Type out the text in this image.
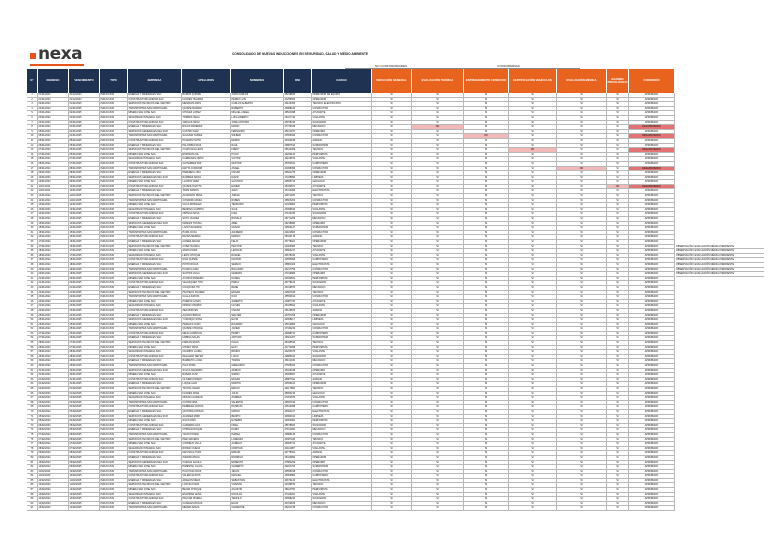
nexa	CONSOLIDADO DE NUEVAS INDUCCIONES EN SEGURIDAD, SALUD Y MEDIO AMBIENTE
NO CONFORMIDADES	CONFORMIDAD
N°	INGRESO	VENCIMIENTO	TIPO	EMPRESA	APELLIDOS	NOMBRES	DNI	CARGO	INDUCCIÓN GENERAL	EVALUACIÓN TEÓRICA	ENTRENAMIENTO CONDUCIR	CERTIFICACIÓN VEHÍCULOS	EVALUACIÓN MÉDICA	EXAMEN PSICOLÓGICO	CONDICIÓN
1	01/01/2024	31/12/2024	INDUCCIÓN	ENERGÍA Y MINERALES SAC	RAMOS QUISPE	JUAN CARLOS	45218833	OPERADOR DE EQUIPO	SÍ	SÍ	SÍ	SÍ	SÍ	SÍ	APROBADO
2	01/01/2024	31/12/2024	INDUCCIÓN	CONSTRUCTORA ANDINA SAC	FLORES HUAMÁN	PEDRO LUIS	41255902	OPERADOR	SÍ	SÍ	SÍ	SÍ	SÍ	SÍ	APROBADO
3	02/01/2024	01/01/2025	INDUCCIÓN	SERVICIOS TÉCNICOS DEL CENTRO	MENDOZA RÍOS	CARLOS ALBERTO	40123456	TÉCNICO ELECTRICISTA	SÍ	SÍ	SÍ	SÍ	SÍ	SÍ	APROBADO
4	02/01/2024	01/01/2025	INDUCCIÓN	TRANSPORTES SAN MARTÍN EIRL	QUISPE MAMANI	ROBERTO	43988120	CONDUCTOR	SÍ	SÍ	SÍ	SÍ	SÍ	SÍ	APROBADO
5	03/01/2024	02/01/2025	INDUCCIÓN	MINERA SAN JOSÉ SAC	CHÁVEZ LÓPEZ	MIGUEL ÁNGEL	46521098	AYUDANTE	SÍ	SÍ	SÍ	SÍ	SÍ	SÍ	APROBADO
6	03/01/2024	02/01/2025	INDUCCIÓN	SEGURIDAD INTEGRAL SAC	TORRES VEGA	LUIS ALBERTO	42017733	VIGILANTE	SÍ	SÍ	SÍ	SÍ	SÍ	SÍ	APROBADO
7	04/01/2024	03/01/2025	INDUCCIÓN	CONSTRUCTORA ANDINA SAC	VARGAS CRUZ	JOSÉ ANTONIO	44875210	SOLDADOR	SÍ	SÍ	SÍ	SÍ	SÍ	SÍ	APROBADO
8	04/01/2024	03/01/2025	INDUCCIÓN	ENERGÍA Y MINERALES SAC	ROJAS PAREDES	MARIO	47730019	MECÁNICO	SÍ	NO	SÍ	SÍ	SÍ	SÍ	DESAPROBADO
9	05/01/2024	04/01/2025	INDUCCIÓN	SERVICIOS GENERALES DEL SUR	CASTRO DÍAZ	FERNANDO	45101877	OPERARIO	SÍ	SÍ	SÍ	SÍ	SÍ	SÍ	APROBADO
10	05/01/2024	04/01/2025	INDUCCIÓN	TRANSPORTES SAN MARTÍN EIRL	SALAZAR NUÑEZ	WILBER	41556320	CONDUCTOR	SÍ	SÍ	NO	SÍ	SÍ	SÍ	DESAPROBADO
11	06/01/2024	05/01/2025	INDUCCIÓN	CONSTRUCTORA ANDINA SAC	HUAMANÍ SOTO	EDWIN	43320198	ALBAÑIL	SÍ	SÍ	SÍ	SÍ	SÍ	SÍ	APROBADO
12	06/01/2024	05/01/2025	INDUCCIÓN	ENERGÍA Y MINERALES SAC	PALOMINO RUIZ	RAÚL	40887612	SUPERVISOR	SÍ	SÍ	SÍ	SÍ	SÍ	SÍ	APROBADO
13	07/01/2024	06/01/2025	INDUCCIÓN	SERVICIOS TÉCNICOS DEL CENTRO	CCAHUANA LEÓN	FREDY	46612009	TÉCNICO	SÍ	SÍ	SÍ	NO	SÍ	SÍ	DESAPROBADO
14	07/01/2024	06/01/2025	INDUCCIÓN	MINERA SAN JOSÉ SAC	ESPINOZA GIL	HUGO	42290134	PERFORISTA	SÍ	SÍ	SÍ	SÍ	SÍ	SÍ	APROBADO
15	08/01/2024	07/01/2025	INDUCCIÓN	SEGURIDAD INTEGRAL SAC	CÁRDENAS ORTIZ	VÍCTOR	44109872	VIGILANTE	SÍ	SÍ	SÍ	SÍ	SÍ	SÍ	APROBADO
16	08/01/2024	07/01/2025	INDUCCIÓN	CONSTRUCTORA ANDINA SAC	GUTIÉRREZ PAZ	NÉSTOR	45780031	CARPINTERO	SÍ	SÍ	SÍ	SÍ	SÍ	SÍ	APROBADO
17	09/01/2024	08/01/2025	INDUCCIÓN	TRANSPORTES SAN MARTÍN EIRL	MAYTA CONDORI	ÁNGEL	41998456	CONDUCTOR	SÍ	SÍ	SÍ	SÍ	NO	SÍ	DESAPROBADO
18	09/01/2024	08/01/2025	INDUCCIÓN	ENERGÍA Y MINERALES SAC	PAREDES LUNA	OSCAR	43601275	OPERADOR	SÍ	SÍ	SÍ	SÍ	SÍ	SÍ	APROBADO
19	10/01/2024	09/01/2025	INDUCCIÓN	SERVICIOS GENERALES DEL SUR	RAMÍREZ ARIAS	DAVID	47225890	LIMPIEZA	SÍ	SÍ	SÍ	SÍ	SÍ	SÍ	APROBADO
20	10/01/2024	09/01/2025	INDUCCIÓN	MINERA SAN JOSÉ SAC	LLANOS VERA	GUSTAVO	40556712	GEÓLOGO	SÍ	SÍ	SÍ	SÍ	SÍ	SÍ	APROBADO
21	11/01/2024	10/01/2025	INDUCCIÓN	CONSTRUCTORA ANDINA SAC	QUISPE HUAYTA	ELMER	46330871	AYUDANTE	SÍ	SÍ	SÍ	SÍ	SÍ	NO	DESAPROBADO
22	11/01/2024	10/01/2025	INDUCCIÓN	ENERGÍA Y MINERALES SAC	TAIPE RAMOS	ALEX	44412093	ELECTRICISTA	SÍ	SÍ	SÍ	SÍ	SÍ	SÍ	APROBADO
23	12/01/2024	11/01/2025	INDUCCIÓN	SERVICIOS TÉCNICOS DEL CENTRO	ALVARADO PEÑA	JORGE	42871165	TÉCNICO	SÍ	SÍ	SÍ	SÍ	SÍ	SÍ	APROBADO
24	12/01/2024	11/01/2025	INDUCCIÓN	TRANSPORTES SAN MARTÍN EIRL	CONDORI APAZA	RUBÉN	45667203	CONDUCTOR	SÍ	SÍ	SÍ	SÍ	SÍ	SÍ	APROBADO
25	13/01/2024	12/01/2025	INDUCCIÓN	MINERA SAN JOSÉ SAC	VILCA MORALES	TEODORO	41320984	PERFORISTA	SÍ	SÍ	SÍ	SÍ	SÍ	SÍ	APROBADO
26	13/01/2024	12/01/2025	INDUCCIÓN	SEGURIDAD INTEGRAL SAC	BENITES CAMPOS	SAÚL	43099816	VIGILANTE	SÍ	SÍ	SÍ	SÍ	SÍ	SÍ	APROBADO
27	14/01/2024	13/01/2025	INDUCCIÓN	CONSTRUCTORA ANDINA SAC	ORTEGA SILVA	IVÁN	47102236	SOLDADOR	SÍ	SÍ	SÍ	SÍ	SÍ	SÍ	APROBADO
28	14/01/2024	13/01/2025	INDUCCIÓN	ENERGÍA Y MINERALES SAC	SOTO VALDEZ	RONALD	40771209	MECÁNICO	SÍ	SÍ	SÍ	SÍ	SÍ	SÍ	APROBADO
29	15/01/2024	14/01/2025	INDUCCIÓN	SERVICIOS GENERALES DEL SUR	MAMANI TICONA	ABEL	46218890	OPERARIO	SÍ	SÍ	SÍ	SÍ	SÍ	SÍ	APROBADO
30	15/01/2024	14/01/2025	INDUCCIÓN	MINERA SAN JOSÉ SAC	LAZO FIGUEROA	CÉSAR	44500127	SUPERVISOR	SÍ	SÍ	SÍ	SÍ	SÍ	SÍ	APROBADO
31	16/01/2024	15/01/2025	INDUCCIÓN	TRANSPORTES SAN MARTÍN EIRL	PUMA CCOA	ALFREDO	42119803	CONDUCTOR	SÍ	SÍ	SÍ	SÍ	SÍ	SÍ	APROBADO
32	16/01/2024	15/01/2025	INDUCCIÓN	CONSTRUCTORA ANDINA SAC	REYES MEDINA	MARCO	45332178	ALBAÑIL	SÍ	SÍ	SÍ	SÍ	SÍ	SÍ	APROBADO
33	17/01/2024	16/01/2025	INDUCCIÓN	ENERGÍA Y MINERALES SAC	GÓMEZ ARANA	FÉLIX	43778021	OPERADOR	SÍ	SÍ	SÍ	SÍ	SÍ	SÍ	APROBADO
34	17/01/2024	16/01/2025	INDUCCIÓN	SERVICIOS TÉCNICOS DEL CENTRO	CUBA HUARCA	HÉCTOR	41009384	TÉCNICO	SÍ	SÍ	SÍ	SÍ	SÍ	SÍ	APROBADO	OBSERVACIÓN: EVALUACIÓN MÉDICA PENDIENTE
35	18/01/2024	17/01/2025	INDUCCIÓN	MINERA SAN JOSÉ SAC	ARIAS POMA	LEONCIO	46902217	AYUDANTE	SÍ	SÍ	SÍ	SÍ	SÍ	SÍ	APROBADO	OBSERVACIÓN: EVALUACIÓN MÉDICA PENDIENTE
36	18/01/2024	17/01/2025	INDUCCIÓN	SEGURIDAD INTEGRAL SAC	LEÓN CHOQUE	RAFAEL	44678310	VIGILANTE	SÍ	SÍ	SÍ	SÍ	SÍ	SÍ	APROBADO	OBSERVACIÓN: EVALUACIÓN MÉDICA PENDIENTE
37	19/01/2024	18/01/2025	INDUCCIÓN	CONSTRUCTORA ANDINA SAC	NINA QUISPE	MAXIMO	42556098	CARPINTERO	SÍ	SÍ	SÍ	SÍ	SÍ	SÍ	APROBADO	OBSERVACIÓN: EVALUACIÓN MÉDICA PENDIENTE
38	19/01/2024	18/01/2025	INDUCCIÓN	ENERGÍA Y MINERALES SAC	PINTO ROJAS	SERGIO	45881023	ELECTRICISTA	SÍ	SÍ	SÍ	SÍ	SÍ	SÍ	APROBADO	OBSERVACIÓN: EVALUACIÓN MÉDICA PENDIENTE
39	20/01/2024	19/01/2025	INDUCCIÓN	TRANSPORTES SAN MARTÍN EIRL	HUANCA LIMA	ROLANDO	43217756	CONDUCTOR	SÍ	SÍ	SÍ	SÍ	SÍ	SÍ	APROBADO	OBSERVACIÓN: EVALUACIÓN MÉDICA PENDIENTE
40	20/01/2024	19/01/2025	INDUCCIÓN	SERVICIOS GENERALES DEL SUR	SANTOS ÁVILA	GERMÁN	47019982	OPERARIO	SÍ	SÍ	SÍ	SÍ	SÍ	SÍ	APROBADO	OBSERVACIÓN: EVALUACIÓN MÉDICA PENDIENTE
41	21/01/2024	20/01/2025	INDUCCIÓN	MINERA SAN JOSÉ SAC	ACOSTA ROMERO	DANIEL	40334561	PERFORISTA	SÍ	SÍ	SÍ	SÍ	SÍ	SÍ	APROBADO
42	21/01/2024	20/01/2025	INDUCCIÓN	CONSTRUCTORA ANDINA SAC	VELÁSQUEZ TITO	PABLO	46778123	SOLDADOR	SÍ	SÍ	SÍ	SÍ	SÍ	SÍ	APROBADO
43	22/01/2024	21/01/2025	INDUCCIÓN	ENERGÍA Y MINERALES SAC	COAQUIRA ITO	RENÉ	44019876	MECÁNICO	SÍ	SÍ	SÍ	SÍ	SÍ	SÍ	APROBADO
44	22/01/2024	21/01/2025	INDUCCIÓN	SERVICIOS TÉCNICOS DEL CENTRO	PACHECO SUÁREZ	EDGAR	42667015	TÉCNICO	SÍ	SÍ	SÍ	SÍ	SÍ	SÍ	APROBADO
45	23/01/2024	22/01/2025	INDUCCIÓN	TRANSPORTES SAN MARTÍN EIRL	CALLA ZAPATA	NILO	45550912	CONDUCTOR	SÍ	SÍ	SÍ	SÍ	SÍ	SÍ	APROBADO
46	23/01/2024	22/01/2025	INDUCCIÓN	MINERA SAN JOSÉ SAC	HUERTA CASAS	ALBERTO	41887730	AYUDANTE	SÍ	SÍ	SÍ	SÍ	SÍ	SÍ	APROBADO
47	24/01/2024	23/01/2025	INDUCCIÓN	SEGURIDAD INTEGRAL SAC	MORÁN OSORIO	ULISES	43345601	VIGILANTE	SÍ	SÍ	SÍ	SÍ	SÍ	SÍ	APROBADO
48	24/01/2024	23/01/2025	INDUCCIÓN	CONSTRUCTORA ANDINA SAC	ZEA MONTES	ÓSCAR	46129873	ALBAÑIL	SÍ	SÍ	SÍ	SÍ	SÍ	SÍ	APROBADO
49	25/01/2024	24/01/2025	INDUCCIÓN	ENERGÍA Y MINERALES SAC	AQUINO BRAVO	WALTER	44787209	OPERADOR	SÍ	SÍ	SÍ	SÍ	SÍ	SÍ	APROBADO
50	25/01/2024	24/01/2025	INDUCCIÓN	SERVICIOS GENERALES DEL SUR	YUPANQUI SOSA	ELVIS	42098117	LIMPIEZA	SÍ	SÍ	SÍ	SÍ	SÍ	SÍ	APROBADO
51	26/01/2024	25/01/2025	INDUCCIÓN	MINERA SAN JOSÉ SAC	PERALTA CANO	RICARDO	45012883	GEÓLOGO	SÍ	SÍ	SÍ	SÍ	SÍ	SÍ	APROBADO
52	26/01/2024	25/01/2025	INDUCCIÓN	TRANSPORTES SAN MARTÍN EIRL	QUISPE CHOQUE	JAVIER	47330219	CONDUCTOR	SÍ	SÍ	SÍ	SÍ	SÍ	SÍ	APROBADO
53	27/01/2024	26/01/2025	INDUCCIÓN	CONSTRUCTORA ANDINA SAC	MEJÍA CORDOVA	HENRY	40998731	CARPINTERO	SÍ	SÍ	SÍ	SÍ	SÍ	SÍ	APROBADO
54	27/01/2024	26/01/2025	INDUCCIÓN	ENERGÍA Y MINERALES SAC	URBINA SALAS	ARTURO	43661207	SUPERVISOR	SÍ	SÍ	SÍ	SÍ	SÍ	SÍ	APROBADO
55	28/01/2024	27/01/2025	INDUCCIÓN	SERVICIOS TÉCNICOS DEL CENTRO	FARFÁN RIVAS	ISAAC	46445510	TÉCNICO	SÍ	SÍ	SÍ	SÍ	SÍ	SÍ	APROBADO
56	28/01/2024	27/01/2025	INDUCCIÓN	MINERA SAN JOSÉ SAC	CHURA TAPIA	ELOY	41772098	PERFORISTA	SÍ	SÍ	SÍ	SÍ	SÍ	SÍ	APROBADO
57	29/01/2024	28/01/2025	INDUCCIÓN	SEGURIDAD INTEGRAL SAC	OCAMPO LAURA	BRUNO	44223675	VIGILANTE	SÍ	SÍ	SÍ	SÍ	SÍ	SÍ	APROBADO
58	29/01/2024	28/01/2025	INDUCCIÓN	CONSTRUCTORA ANDINA SAC	DELGADO NEYRA	LUCIO	42889014	SOLDADOR	SÍ	SÍ	SÍ	SÍ	SÍ	SÍ	APROBADO
59	30/01/2024	29/01/2025	INDUCCIÓN	ENERGÍA Y MINERALES SAC	BARRETO LUJÁN	TOMÁS	45101934	MECÁNICO	SÍ	SÍ	SÍ	SÍ	SÍ	SÍ	APROBADO
60	30/01/2024	29/01/2025	INDUCCIÓN	TRANSPORTES SAN MARTÍN EIRL	INCA PUMA	GREGORIO	47665023	CONDUCTOR	SÍ	SÍ	SÍ	SÍ	SÍ	SÍ	APROBADO
61	31/01/2024	30/01/2025	INDUCCIÓN	SERVICIOS GENERALES DEL SUR	SULCA NAVARRO	ADRIÁN	40443198	OPERARIO	SÍ	SÍ	SÍ	SÍ	SÍ	SÍ	APROBADO
62	31/01/2024	30/01/2025	INDUCCIÓN	MINERA SAN JOSÉ SAC	RIVERA CUSI	SIMÓN	43009827	AYUDANTE	SÍ	SÍ	SÍ	SÍ	SÍ	SÍ	APROBADO
63	01/02/2024	31/01/2025	INDUCCIÓN	CONSTRUCTORA ANDINA SAC	OLIVERA PRADO	ÉDGAR	46887341	ALBAÑIL	SÍ	SÍ	SÍ	SÍ	SÍ	SÍ	APROBADO
64	01/02/2024	31/01/2025	INDUCCIÓN	ENERGÍA Y MINERALES SAC	LUQUE ALVA	MARTÍN	44556102	OPERADOR	SÍ	SÍ	SÍ	SÍ	SÍ	SÍ	APROBADO
65	02/02/2024	01/02/2025	INDUCCIÓN	SERVICIOS TÉCNICOS DEL CENTRO	TICONA VALER	EMILIO	42117883	TÉCNICO	SÍ	SÍ	SÍ	SÍ	SÍ	SÍ	APROBADO
66	02/02/2024	01/02/2025	INDUCCIÓN	MINERA SAN JOSÉ SAC	FLORES ARCE	JULIO	45993210	GEÓLOGO	SÍ	SÍ	SÍ	SÍ	SÍ	SÍ	APROBADO
67	03/02/2024	02/02/2025	INDUCCIÓN	SEGURIDAD INTEGRAL SAC	MOLINA GUZMÁN	ANDRÉS	47201876	VIGILANTE	SÍ	SÍ	SÍ	SÍ	SÍ	SÍ	APROBADO
68	03/02/2024	02/02/2025	INDUCCIÓN	TRANSPORTES SAN MARTÍN EIRL	CUTIPA NINA	VALENTÍN	40667192	CONDUCTOR	SÍ	SÍ	SÍ	SÍ	SÍ	SÍ	APROBADO
69	04/02/2024	03/02/2025	INDUCCIÓN	CONSTRUCTORA ANDINA SAC	HERRERA OCHOA	PATRICIO	43512098	CARPINTERO	SÍ	SÍ	SÍ	SÍ	SÍ	SÍ	APROBADO
70	04/02/2024	03/02/2025	INDUCCIÓN	ENERGÍA Y MINERALES SAC	QUINTANA ROSAS	MATEO	46302217	ELECTRICISTA	SÍ	SÍ	SÍ	SÍ	SÍ	SÍ	APROBADO
71	05/02/2024	04/02/2025	INDUCCIÓN	SERVICIOS GENERALES DEL SUR	ÁLVAREZ MORI	BENITO	44890312	LIMPIEZA	SÍ	SÍ	SÍ	SÍ	SÍ	SÍ	APROBADO
72	05/02/2024	04/02/2025	INDUCCIÓN	MINERA SAN JOSÉ SAC	SOLÍS PARI	EUSEBIO	42004981	PERFORISTA	SÍ	SÍ	SÍ	SÍ	SÍ	SÍ	APROBADO
73	06/02/2024	05/02/2025	INDUCCIÓN	CONSTRUCTORA ANDINA SAC	GAMARRA LIZA	FIDEL	45678823	SOLDADOR	SÍ	SÍ	SÍ	SÍ	SÍ	SÍ	APROBADO
74	06/02/2024	05/02/2025	INDUCCIÓN	ENERGÍA Y MINERALES SAC	CHIPANA ROQUE	DARÍO	47119030	MECÁNICO	SÍ	SÍ	SÍ	SÍ	SÍ	SÍ	APROBADO
75	07/02/2024	06/02/2025	INDUCCIÓN	TRANSPORTES SAN MARTÍN EIRL	YAURI PONCE	ISMAEL	40889145	CONDUCTOR	SÍ	SÍ	SÍ	SÍ	SÍ	SÍ	APROBADO
76	07/02/2024	06/02/2025	INDUCCIÓN	SERVICIOS TÉCNICOS DEL CENTRO	PARI MACEDO	LORENZO	43367220	TÉCNICO	SÍ	SÍ	SÍ	SÍ	SÍ	SÍ	APROBADO
77	08/02/2024	07/02/2025	INDUCCIÓN	MINERA SAN JOSÉ SAC	CORNEJO VILLA	AURELIO	46005731	AYUDANTE	SÍ	SÍ	SÍ	SÍ	SÍ	SÍ	APROBADO
78	08/02/2024	07/02/2025	INDUCCIÓN	SEGURIDAD INTEGRAL SAC	ROMÁN CUEVA	CRISTIAN	44112987	VIGILANTE	SÍ	SÍ	SÍ	SÍ	SÍ	SÍ	APROBADO
79	09/02/2024	08/02/2025	INDUCCIÓN	CONSTRUCTORA ANDINA SAC	MACHACA TUPA	EFRAÍN	42778301	ALBAÑIL	SÍ	SÍ	SÍ	SÍ	SÍ	SÍ	APROBADO
80	09/02/2024	08/02/2025	INDUCCIÓN	ENERGÍA Y MINERALES SAC	ZAMORA BACA	RODRIGO	45443890	OPERADOR	SÍ	SÍ	SÍ	SÍ	SÍ	SÍ	APROBADO
81	10/02/2024	09/02/2025	INDUCCIÓN	SERVICIOS GENERALES DEL SUR	CUEVAS ÁGUILA	ERNESTO	47881209	OPERARIO	SÍ	SÍ	SÍ	SÍ	SÍ	SÍ	APROBADO
82	10/02/2024	09/02/2025	INDUCCIÓN	MINERA SAN JOSÉ SAC	PIMENTEL OLAYA	GILBERTO	40221763	SUPERVISOR	SÍ	SÍ	SÍ	SÍ	SÍ	SÍ	APROBADO
83	11/02/2024	10/02/2025	INDUCCIÓN	TRANSPORTES SAN MARTÍN EIRL	HUAYHUA CRUZ	JESÚS	43556018	CONDUCTOR	SÍ	SÍ	SÍ	SÍ	SÍ	SÍ	APROBADO
84	11/02/2024	10/02/2025	INDUCCIÓN	CONSTRUCTORA ANDINA SAC	VALENCIA RÍOS	MANUEL	46009982	CARPINTERO	SÍ	SÍ	SÍ	SÍ	SÍ	SÍ	APROBADO
85	12/02/2024	11/02/2025	INDUCCIÓN	ENERGÍA Y MINERALES SAC	ARAGÓN MEZA	SEBASTIÁN	44670123	ELECTRICISTA	SÍ	SÍ	SÍ	SÍ	SÍ	SÍ	APROBADO
86	12/02/2024	11/02/2025	INDUCCIÓN	SERVICIOS TÉCNICOS DEL CENTRO	LOAYZA PUMA	VICENTE	42339870	TÉCNICO	SÍ	SÍ	SÍ	SÍ	SÍ	SÍ	APROBADO
87	13/02/2024	12/02/2025	INDUCCIÓN	MINERA SAN JOSÉ SAC	BEJAR CHOQUE	AGUSTÍN	45118765	PERFORISTA	SÍ	SÍ	SÍ	SÍ	SÍ	SÍ	APROBADO
88	13/02/2024	12/02/2025	INDUCCIÓN	SEGURIDAD INTEGRAL SAC	ESCOBAR LEIVA	NICOLÁS	47443201	VIGILANTE	SÍ	SÍ	SÍ	SÍ	SÍ	SÍ	APROBADO
89	14/02/2024	13/02/2025	INDUCCIÓN	CONSTRUCTORA ANDINA SAC	PAUCAR RIVERA	TEÓFILO	40998210	SOLDADOR	SÍ	SÍ	SÍ	SÍ	SÍ	SÍ	APROBADO
90	14/02/2024	13/02/2025	INDUCCIÓN	ENERGÍA Y MINERALES SAC	CANALES ROJAS	ELÍAS	43700189	MECÁNICO	SÍ	SÍ	SÍ	SÍ	SÍ	SÍ	APROBADO
91	15/02/2024	14/02/2025	INDUCCIÓN	TRANSPORTES SAN MARTÍN EIRL	MERMA APAZA	CLEMENTE	46221078	CONDUCTOR	SÍ	SÍ	SÍ	SÍ	SÍ	SÍ	APROBADO
